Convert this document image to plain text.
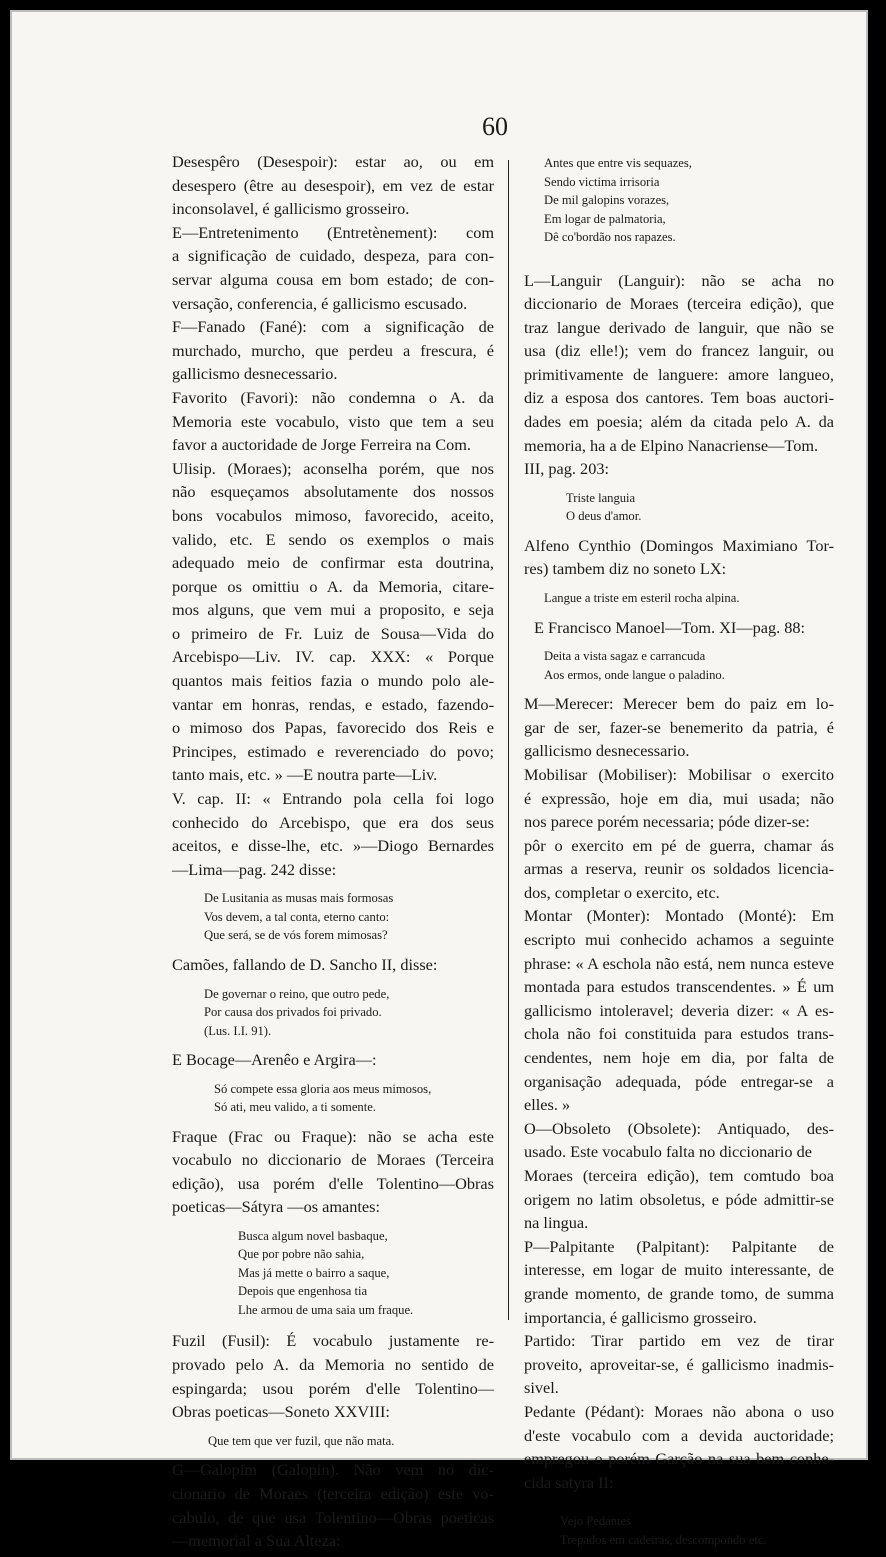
60
Desespêro (Desespoir): estar ao, ou em
desespero (être au desespoir), em vez de estar
inconsolavel, é gallicismo grosseiro.
E—Entretenimento (Entretènement): com
a significação de cuidado, despeza, para con-
servar alguma cousa em bom estado; de con-
versação, conferencia, é gallicismo escusado.
F—Fanado (Fané): com a significação de
murchado, murcho, que perdeu a frescura, é
gallicismo desnecessario.
Favorito (Favori): não condemna o A. da
Memoria este vocabulo, visto que tem a seu
favor a auctoridade de Jorge Ferreira na Com.
Ulisip. (Moraes); aconselha porém, que nos
não esqueçamos absolutamente dos nossos
bons vocabulos mimoso, favorecido, aceito,
valido, etc. E sendo os exemplos o mais
adequado meio de confirmar esta doutrina,
porque os omittiu o A. da Memoria, citare-
mos alguns, que vem mui a proposito, e seja
o primeiro de Fr. Luiz de Sousa—Vida do
Arcebispo—Liv. IV. cap. XXX: « Porque
quantos mais feitios fazia o mundo polo ale-
vantar em honras, rendas, e estado, fazendo-
o mimoso dos Papas, favorecido dos Reis e
Principes, estimado e reverenciado do povo;
tanto mais, etc. » —E noutra parte—Liv.
V. cap. II: « Entrando pola cella foi logo
conhecido do Arcebispo, que era dos seus
aceitos, e disse-lhe, etc. »—Diogo Bernardes
—Lima—pag. 242 disse:
De Lusitania as musas mais formosas
Vos devem, a tal conta, eterno canto:
Que será, se de vós forem mimosas?
Camões, fallando de D. Sancho II, disse:
De governar o reino, que outro pede,
Por causa dos privados foi privado.
(Lus. I.I. 91).
E Bocage—Arenêo e Argira—:
Só compete essa gloria aos meus mimosos,
Só ati, meu valido, a ti somente.
Fraque (Frac ou Fraque): não se acha este
vocabulo no diccionario de Moraes (Terceira
edição), usa porém d'elle Tolentino—Obras
poeticas—Sátyra —os amantes:
Busca algum novel basbaque,
Que por pobre não sahia,
Mas já mette o bairro a saque,
Depois que engenhosa tia
Lhe armou de uma saia um fraque.
Fuzil (Fusil): É vocabulo justamente re-
provado pelo A. da Memoria no sentido de
espingarda; usou porém d'elle Tolentino—
Obras poeticas—Soneto XXVIII:
Que tem que ver fuzil, que não mata.
G—Galopim (Galopin). Não vem no dic-
cionario de Moraes (terceira edição) este vo-
cabulo, de que usa Tolentino—Obras poeticas
—memorial a Sua Alteza:
Antes que entre vis sequazes,
Sendo victima irrisoria
De mil galopins vorazes,
Em logar de palmatoria,
Dê co'bordão nos rapazes.
L—Languir (Languir): não se acha no
diccionario de Moraes (terceira edição), que
traz langue derivado de languir, que não se
usa (diz elle!); vem do francez languir, ou
primitivamente de languere: amore langueo,
diz a esposa dos cantores. Tem boas auctori-
dades em poesia; além da citada pelo A. da
memoria, ha a de Elpino Nanacriense—Tom.
III, pag. 203:
Triste languia
O deus d'amor.
Alfeno Cynthio (Domingos Maximiano Tor-
res) tambem diz no soneto LX:
Langue a triste em esteril rocha alpina.
E Francisco Manoel—Tom. XI—pag. 88:
Deita a vista sagaz e carrancuda
Aos ermos, onde langue o paladino.
M—Merecer: Merecer bem do paiz em lo-
gar de ser, fazer-se benemerito da patria, é
gallicismo desnecessario.
Mobilisar (Mobiliser): Mobilisar o exercito
é expressão, hoje em dia, mui usada; não
nos parece porém necessaria; póde dizer-se:
pôr o exercito em pé de guerra, chamar ás
armas a reserva, reunir os soldados licencia-
dos, completar o exercito, etc.
Montar (Monter): Montado (Monté): Em
escripto mui conhecido achamos a seguinte
phrase: « A eschola não está, nem nunca esteve
montada para estudos transcendentes. » É um
gallicismo intoleravel; deveria dizer: « A es-
chola não foi constituida para estudos trans-
cendentes, nem hoje em dia, por falta de
organisação adequada, póde entregar-se a
elles. »
O—Obsoleto (Obsolete): Antiquado, des-
usado. Este vocabulo falta no diccionario de
Moraes (terceira edição), tem comtudo boa
origem no latim obsoletus, e póde admittir-se
na lingua.
P—Palpitante (Palpitant): Palpitante de
interesse, em logar de muito interessante, de
grande momento, de grande tomo, de summa
importancia, é gallicismo grosseiro.
Partido: Tirar partido em vez de tirar
proveito, aproveitar-se, é gallicismo inadmis-
sivel.
Pedante (Pédant): Moraes não abona o uso
d'este vocabulo com a devida auctoridade;
empregou-o porém Garção na sua bem conhe-
cida satyra II:
Vejo Pedantes
Trepados em cadeiras, descompondo etc.
